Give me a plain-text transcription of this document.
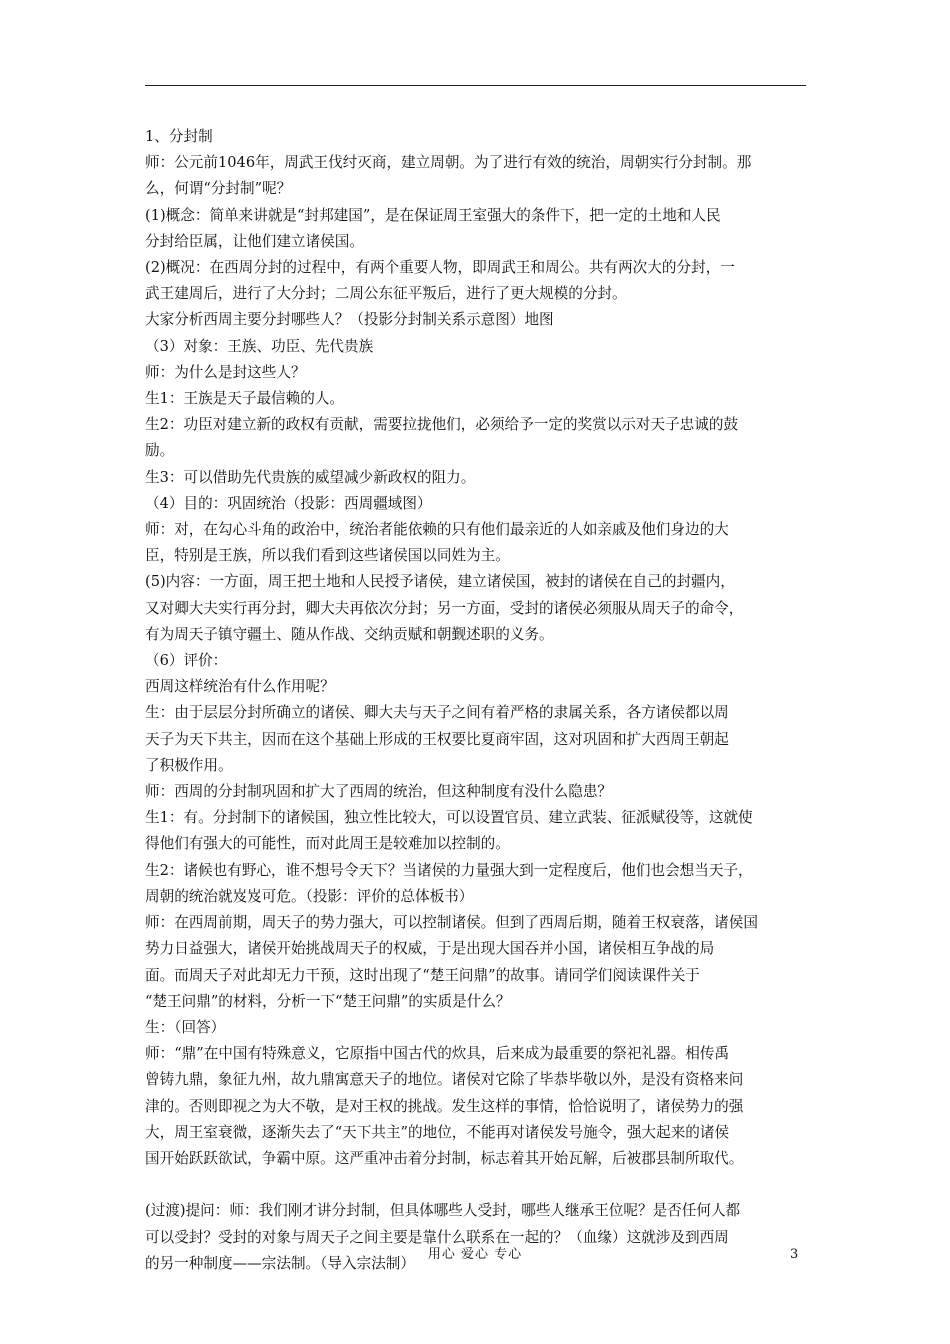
1、分封制

师：公元前1046年，周武王伐纣灭商，建立周朝。为了进行有效的统治，周朝实行分封制。那

么，何谓“分封制”呢？

(1)概念：简单来讲就是“封邦建国”，是在保证周王室强大的条件下，把一定的土地和人民

分封给臣属，让他们建立诸侯国。

(2)概况：在西周分封的过程中，有两个重要人物，即周武王和周公。共有两次大的分封，一

武王建周后，进行了大分封；二周公东征平叛后，进行了更大规模的分封。

大家分析西周主要分封哪些人？（投影分封制关系示意图）地图

（3）对象：王族、功臣、先代贵族

师：为什么是封这些人？

生1：王族是天子最信赖的人。

生2：功臣对建立新的政权有贡献，需要拉拢他们，必须给予一定的奖赏以示对天子忠诚的鼓

励。

生3：可以借助先代贵族的威望减少新政权的阻力。

（4）目的：巩固统治（投影：西周疆域图）

师：对，在勾心斗角的政治中，统治者能依赖的只有他们最亲近的人如亲戚及他们身边的大

臣，特别是王族，所以我们看到这些诸侯国以同姓为主。

(5)内容：一方面，周王把土地和人民授予诸侯，建立诸侯国，被封的诸侯在自己的封疆内，

又对卿大夫实行再分封，卿大夫再依次分封；另一方面，受封的诸侯必须服从周天子的命令，

有为周天子镇守疆土、随从作战、交纳贡赋和朝觐述职的义务。

（6）评价：

西周这样统治有什么作用呢？

生：由于层层分封所确立的诸侯、卿大夫与天子之间有着严格的隶属关系，各方诸侯都以周

天子为天下共主，因而在这个基础上形成的王权要比夏商牢固，这对巩固和扩大西周王朝起

了积极作用。

师：西周的分封制巩固和扩大了西周的统治，但这种制度有没什么隐患？

生1：有。分封制下的诸候国，独立性比较大，可以设置官员、建立武装、征派赋役等，这就使

得他们有强大的可能性，而对此周王是较难加以控制的。

生2：诸候也有野心，谁不想号令天下？当诸侯的力量强大到一定程度后，他们也会想当天子，

周朝的统治就岌岌可危。（投影：评价的总体板书）

师：在西周前期，周天子的势力强大，可以控制诸侯。但到了西周后期，随着王权衰落，诸侯国

势力日益强大，诸侯开始挑战周天子的权威，于是出现大国吞并小国，诸侯相互争战的局

面。而周天子对此却无力干预，这时出现了“楚王问鼎”的故事。请同学们阅读课件关于

“楚王问鼎”的材料，分析一下“楚王问鼎”的实质是什么？

生：（回答）

师：“鼎”在中国有特殊意义，它原指中国古代的炊具，后来成为最重要的祭祀礼器。相传禹

曾铸九鼎，象征九州，故九鼎寓意天子的地位。诸侯对它除了毕恭毕敬以外，是没有资格来问

津的。否则即视之为大不敬，是对王权的挑战。发生这样的事情，恰恰说明了，诸侯势力的强

大，周王室衰微，逐渐失去了“天下共主”的地位，不能再对诸侯发号施令，强大起来的诸侯

国开始跃跃欲试，争霸中原。这严重冲击着分封制，标志着其开始瓦解，后被郡县制所取代。

(过渡)提问：师：我们刚才讲分封制，但具体哪些人受封，哪些人继承王位呢？是否任何人都

可以受封？受封的对象与周天子之间主要是靠什么联系在一起的？（血缘）这就涉及到西周

的另一种制度——宗法制。（导入宗法制）

用心 爱心 专心	3
